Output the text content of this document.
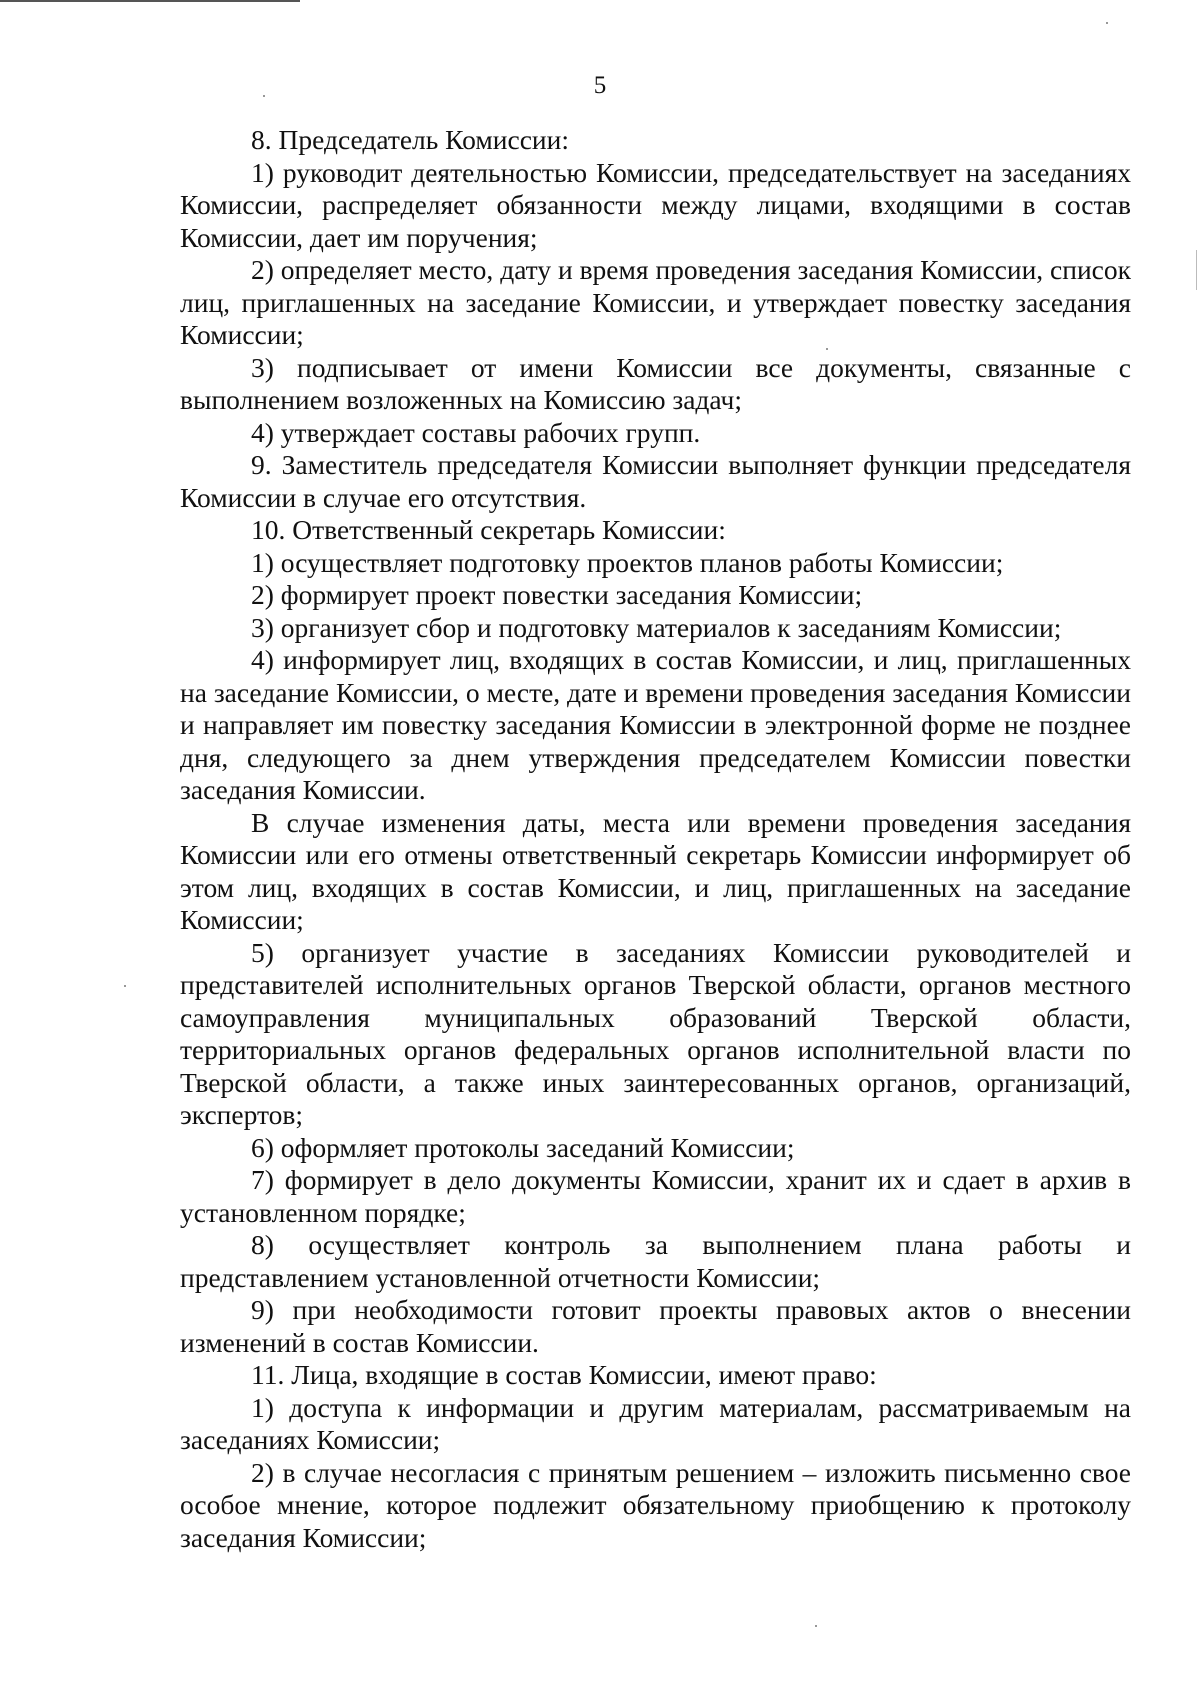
5

8. Председатель Комиссии:

1) руководит деятельностью Комиссии, председательствует на заседаниях Комиссии, распределяет обязанности между лицами, входящими в состав Комиссии, дает им поручения;

2) определяет место, дату и время проведения заседания Комиссии, список лиц, приглашенных на заседание Комиссии, и утверждает повестку заседания Комиссии;

3) подписывает от имени Комиссии все документы, связанные с выполнением возложенных на Комиссию задач;

4) утверждает составы рабочих групп.

9. Заместитель председателя Комиссии выполняет функции председателя Комиссии в случае его отсутствия.

10. Ответственный секретарь Комиссии:

1) осуществляет подготовку проектов планов работы Комиссии;

2) формирует проект повестки заседания Комиссии;

3) организует сбор и подготовку материалов к заседаниям Комиссии;

4) информирует лиц, входящих в состав Комиссии, и лиц, приглашенных на заседание Комиссии, о месте, дате и времени проведения заседания Комиссии и направляет им повестку заседания Комиссии в электронной форме не позднее дня, следующего за днем утверждения председателем Комиссии повестки заседания Комиссии.

В случае изменения даты, места или времени проведения заседания Комиссии или его отмены ответственный секретарь Комиссии информирует об этом лиц, входящих в состав Комиссии, и лиц, приглашенных на заседание Комиссии;

5) организует участие в заседаниях Комиссии руководителей и представителей исполнительных органов Тверской области, органов местного самоуправления муниципальных образований Тверской области, территориальных органов федеральных органов исполнительной власти по Тверской области, а также иных заинтересованных органов, организаций, экспертов;

6) оформляет протоколы заседаний Комиссии;

7) формирует в дело документы Комиссии, хранит их и сдает в архив в установленном порядке;

8) осуществляет контроль за выполнением плана работы и представлением установленной отчетности Комиссии;

9) при необходимости готовит проекты правовых актов о внесении изменений в состав Комиссии.

11. Лица, входящие в состав Комиссии, имеют право:

1) доступа к информации и другим материалам, рассматриваемым на заседаниях Комиссии;

2) в случае несогласия с принятым решением – изложить письменно свое особое мнение, которое подлежит обязательному приобщению к протоколу заседания Комиссии;
